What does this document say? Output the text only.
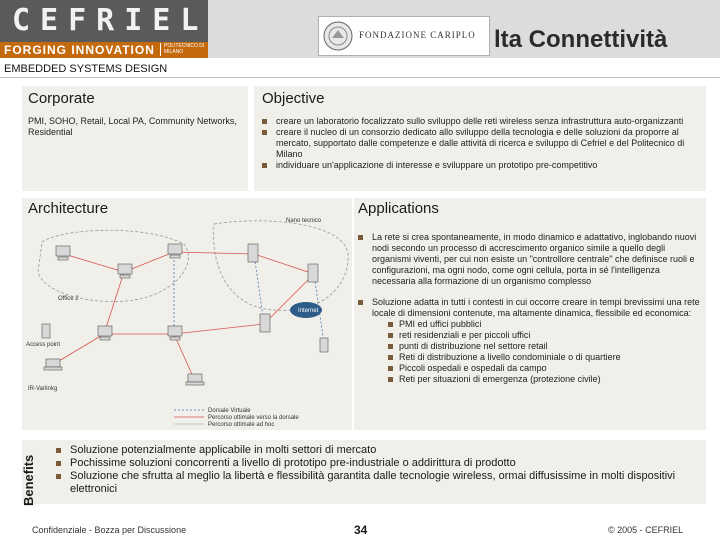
CEFRIEL
FORGING INNOVATION	POLITECNICO DI MILANO
FONDAZIONE CARIPLO lta Connettività
EMBEDDED SYSTEMS DESIGN
Corporate
PMI, SOHO, Retail, Local PA, Community Networks, Residential
Objective
creare un laboratorio focalizzato sullo sviluppo delle reti wireless senza infrastruttura auto-organizzanti
creare il nucleo di un consorzio dedicato allo sviluppo della tecnologia e delle soluzioni da proporre al mercato, supportato dalle competenze e dalle attività di ricerca e sviluppo di Cefriel e del Politecnico di Milano
individuare un'applicazione di interesse e sviluppare un prototipo pre-competitivo
Architecture
Internet
Nano tecnico
Office 2
Access point
IR-Varlinkg
Dorsale Virtuale
Percorso ottimale verso la dorsale
Percorso ottimale ad hoc
Applications
La rete si crea spontaneamente, in modo dinamico e adattativo, inglobando nuovi nodi secondo un processo di accrescimento organico simile a quello degli organismi viventi, per cui non esiste un "controllore centrale" che definisce ruoli e configurazioni, ma ogni nodo, come ogni cellula, porta in sé l'intelligenza necessaria alla formazione di un organismo complesso
Soluzione adatta in tutti i contesti in cui occorre creare in tempi brevissimi una rete locale di dimensioni contenute, ma altamente dinamica, flessibile ed economica:
PMI ed uffici pubblici
reti residenziali e per piccoli uffici
punti di distribuzione nel settore retail
Reti di distribuzione a livello condominiale o di quartiere
Piccoli ospedali e ospedali da campo
Reti per situazioni di emergenza (protezione civile)
Benefits
Soluzione potenzialmente applicabile in molti settori di mercato
Pochissime soluzioni concorrenti a livello di prototipo pre-industriale o addirittura di prodotto
Soluzione che sfrutta al meglio la libertà e flessibilità garantita dalle tecnologie wireless, ormai diffusissime in molti dispositivi elettronici
Confidenziale - Bozza per Discussione	34	© 2005 - CEFRIEL
